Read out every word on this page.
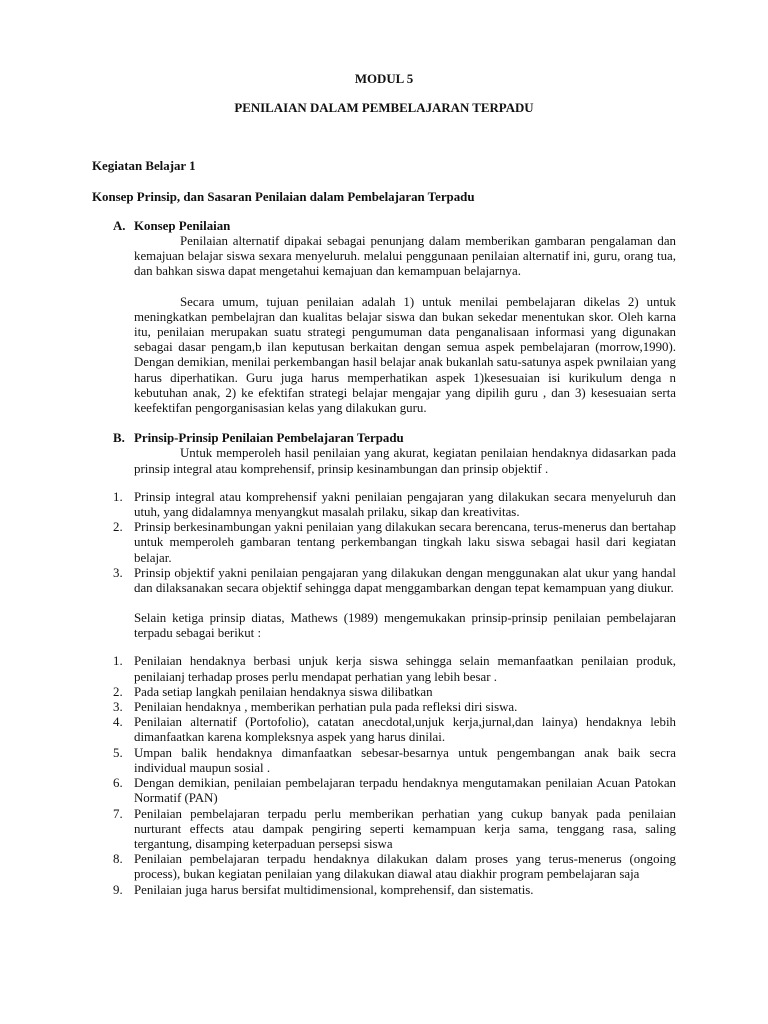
MODUL 5
PENILAIAN DALAM PEMBELAJARAN TERPADU
Kegiatan Belajar 1
Konsep Prinsip, dan Sasaran Penilaian dalam Pembelajaran Terpadu
A. Konsep Penilaian
Penilaian alternatif dipakai sebagai penunjang dalam memberikan gambaran pengalaman dan kemajuan belajar siswa sexara menyeluruh. melalui penggunaan penilaian alternatif ini, guru, orang tua, dan bahkan siswa dapat mengetahui kemajuan dan kemampuan belajarnya.
Secara umum, tujuan penilaian adalah 1) untuk menilai pembelajaran dikelas 2) untuk meningkatkan pembelajran dan kualitas belajar siswa dan bukan sekedar menentukan skor. Oleh karna itu, penilaian merupakan suatu strategi pengumuman data penganalisaan informasi yang digunakan sebagai dasar pengam,b ilan keputusan berkaitan dengan semua aspek pembelajaran (morrow,1990). Dengan demikian, menilai perkembangan hasil belajar anak bukanlah satu-satunya aspek pwnilaian yang harus diperhatikan. Guru juga harus memperhatikan aspek 1)kesesuaian isi kurikulum denga n kebutuhan anak, 2) ke efektifan strategi belajar mengajar yang dipilih guru , dan 3) kesesuaian serta keefektifan pengorganisasian kelas yang dilakukan guru.
B. Prinsip-Prinsip Penilaian Pembelajaran Terpadu
Untuk memperoleh hasil penilaian yang akurat, kegiatan penilaian hendaknya didasarkan pada prinsip integral atau komprehensif, prinsip kesinambungan dan prinsip objektif .
1. Prinsip integral atau komprehensif yakni penilaian pengajaran yang dilakukan secara menyeluruh dan utuh, yang didalamnya menyangkut masalah prilaku, sikap dan kreativitas.
2. Prinsip berkesinambungan yakni penilaian yang dilakukan secara berencana, terus-menerus dan bertahap untuk memperoleh gambaran tentang perkembangan tingkah laku siswa sebagai hasil dari kegiatan belajar.
3. Prinsip objektif yakni penilaian pengajaran yang dilakukan dengan menggunakan alat ukur yang handal dan dilaksanakan secara objektif sehingga dapat menggambarkan dengan tepat kemampuan yang diukur.
Selain ketiga prinsip diatas, Mathews (1989) mengemukakan prinsip-prinsip penilaian pembelajaran terpadu sebagai berikut :
1. Penilaian hendaknya berbasi unjuk kerja siswa sehingga selain memanfaatkan penilaian produk, penilaianj terhadap proses perlu mendapat perhatian yang lebih besar .
2. Pada setiap langkah penilaian hendaknya siswa dilibatkan
3. Penilaian hendaknya , memberikan perhatian pula pada refleksi diri siswa.
4. Penilaian alternatif (Portofolio), catatan anecdotal,unjuk kerja,jurnal,dan lainya) hendaknya lebih dimanfaatkan karena kompleksnya aspek yang harus dinilai.
5. Umpan balik hendaknya dimanfaatkan sebesar-besarnya untuk pengembangan anak baik secra individual maupun sosial .
6. Dengan demikian, penilaian pembelajaran terpadu hendaknya mengutamakan penilaian Acuan Patokan Normatif (PAN)
7. Penilaian pembelajaran terpadu perlu memberikan perhatian yang cukup banyak pada penilaian nurturant effects atau dampak pengiring seperti kemampuan kerja sama, tenggang rasa, saling tergantung, disamping keterpaduan persepsi siswa
8. Penilaian pembelajaran terpadu hendaknya dilakukan dalam proses yang terus-menerus (ongoing process), bukan kegiatan penilaian yang dilakukan diawal atau diakhir program pembelajaran saja
9. Penilaian juga harus bersifat multidimensional, komprehensif, dan sistematis.
